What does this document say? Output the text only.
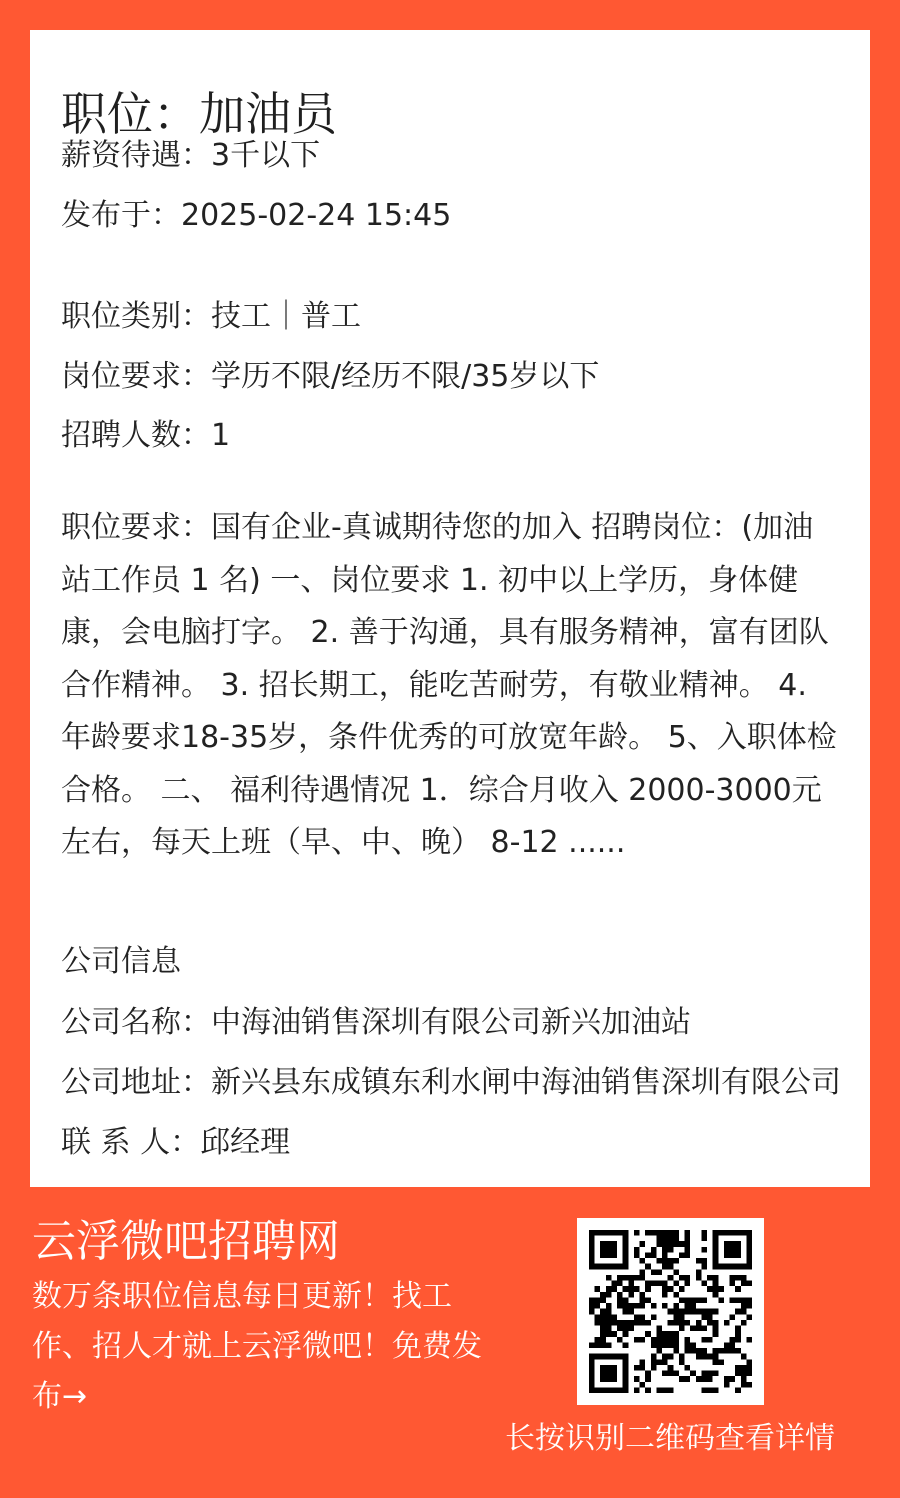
职位：加油员
薪资待遇：3千以下
发布于：2025-02-24 15:45
职位类别：技工｜普工
岗位要求：学历不限/经历不限/35岁以下
招聘人数：1
职位要求：国有企业-真诚期待您的加入 招聘岗位：(加油站工作员 1 名) 一、岗位要求 1. 初中以上学历，身体健康，会电脑打字。 2. 善于沟通，具有服务精神，富有团队合作精神。 3. 招长期工，能吃苦耐劳，有敬业精神。 4. 年龄要求18-35岁，条件优秀的可放宽年龄。 5、入职体检合格。 二、 福利待遇情况 1．综合月收入 2000-3000元左右，每天上班（早、中、晚） 8-12 ......
公司信息
公司名称：中海油销售深圳有限公司新兴加油站
公司地址：新兴县东成镇东利水闸中海油销售深圳有限公司
联 系 人：邱经理
云浮微吧招聘网
数万条职位信息每日更新！找工作、招人才就上云浮微吧！免费发布→
长按识别二维码查看详情
